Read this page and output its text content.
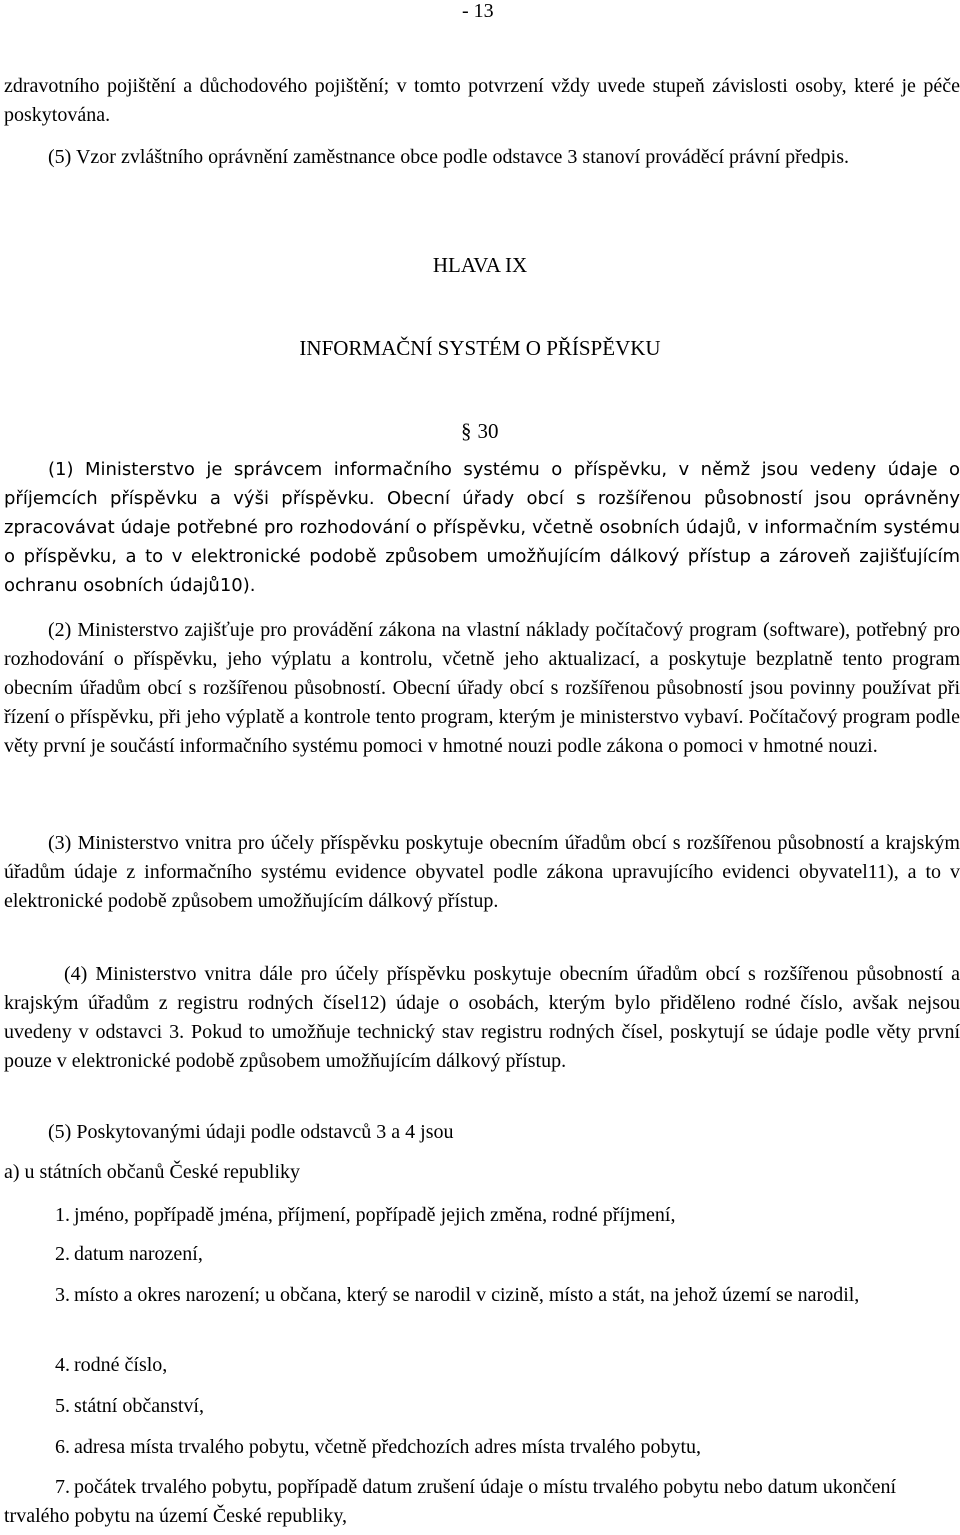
- 13
zdravotního pojištění a důchodového pojištění; v tomto potvrzení vždy uvede stupeň závislosti osoby, které je péče poskytována.
(5) Vzor zvláštního oprávnění zaměstnance obce podle odstavce 3 stanoví prováděcí právní předpis.
HLAVA IX
INFORMAČNÍ SYSTÉM O PŘÍSPĚVKU
§ 30
(1) Ministerstvo je správcem informačního systému o příspěvku, v němž jsou vedeny údaje o příjemcích příspěvku a výši příspěvku. Obecní úřady obcí s rozšířenou působností jsou oprávněny zpracovávat údaje potřebné pro rozhodování o příspěvku, včetně osobních údajů, v informačním systému o příspěvku, a to v elektronické podobě způsobem umožňujícím dálkový přístup a zároveň zajišťujícím ochranu osobních údajů10).
(2) Ministerstvo zajišťuje pro provádění zákona na vlastní náklady počítačový program (software), potřebný pro rozhodování o příspěvku, jeho výplatu a kontrolu, včetně jeho aktualizací, a poskytuje bezplatně tento program obecním úřadům obcí s rozšířenou působností. Obecní úřady obcí s rozšířenou působností jsou povinny používat při řízení o příspěvku, při jeho výplatě a kontrole tento program, kterým je ministerstvo vybaví. Počítačový program podle věty první je součástí informačního systému pomoci v hmotné nouzi podle zákona o pomoci v hmotné nouzi.
(3) Ministerstvo vnitra pro účely příspěvku poskytuje obecním úřadům obcí s rozšířenou působností a krajským úřadům údaje z informačního systému evidence obyvatel podle zákona upravujícího evidenci obyvatel11), a to v elektronické podobě způsobem umožňujícím dálkový přístup.
(4) Ministerstvo vnitra dále pro účely příspěvku poskytuje obecním úřadům obcí s rozšířenou působností a krajským úřadům z registru rodných čísel12) údaje o osobách, kterým bylo přiděleno rodné číslo, avšak nejsou uvedeny v odstavci 3. Pokud to umožňuje technický stav registru rodných čísel, poskytují se údaje podle věty první pouze v elektronické podobě způsobem umožňujícím dálkový přístup.
(5) Poskytovanými údaji podle odstavců 3 a 4 jsou
a) u státních občanů České republiky
1. jméno, popřípadě jména, příjmení, popřípadě jejich změna, rodné příjmení,
2. datum narození,
3. místo a okres narození; u občana, který se narodil v cizině, místo a stát, na jehož území se narodil,
4. rodné číslo,
5. státní občanství,
6. adresa místa trvalého pobytu, včetně předchozích adres místa trvalého pobytu,
7. počátek trvalého pobytu, popřípadě datum zrušení údaje o místu trvalého pobytu nebo datum ukončení trvalého pobytu na území České republiky,
